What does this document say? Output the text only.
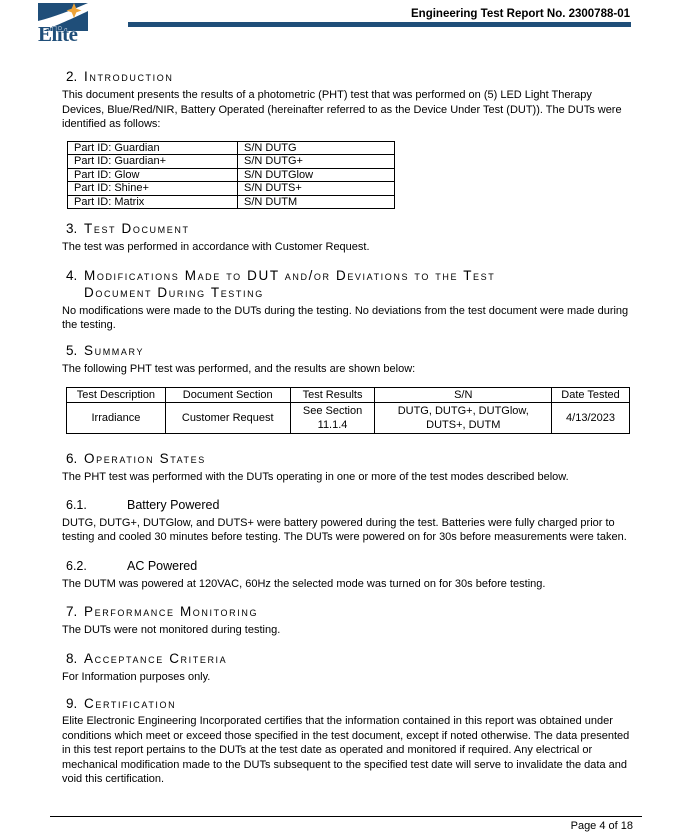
Elite
Engineering Test Report No. 2300788-01
2. Introduction

This document presents the results of a photometric (PHT) test that was performed on (5) LED Light Therapy Devices, Blue/Red/NIR, Battery Operated (hereinafter referred to as the Device Under Test (DUT)). The DUTs were identified as follows:

Part ID: Guardian	S/N DUTG
Part ID: Guardian+	S/N DUTG+
Part ID: Glow	S/N DUTGlow
Part ID: Shine+	S/N DUTS+
Part ID: Matrix	S/N DUTM
3. Test Document

The test was performed in accordance with Customer Request.

4. Modifications Made to DUT and/or Deviations to the Test Document During Testing

No modifications were made to the DUTs during the testing. No deviations from the test document were made during the testing.

5. Summary

The following PHT test was performed, and the results are shown below:

Test Description	Document Section	Test Results	S/N	Date Tested
Irradiance	Customer Request	See Section 11.1.4	DUTG, DUTG+, DUTGlow, DUTS+, DUTM	4/13/2023
6. Operation States

The PHT test was performed with the DUTs operating in one or more of the test modes described below.

6.1.	Battery Powered

DUTG, DUTG+, DUTGlow, and DUTS+ were battery powered during the test. Batteries were fully charged prior to testing and cooled 30 minutes before testing. The DUTs were powered on for 30s before measurements were taken.

6.2.	AC Powered

The DUTM was powered at 120VAC, 60Hz the selected mode was turned on for 30s before testing.

7. Performance Monitoring

The DUTs were not monitored during testing.

8. Acceptance Criteria

For Information purposes only.

9. Certification

Elite Electronic Engineering Incorporated certifies that the information contained in this report was obtained under conditions which meet or exceed those specified in the test document, except if noted otherwise. The data presented in this test report pertains to the DUTs at the test date as operated and monitored if required. Any electrical or mechanical modification made to the DUTs subsequent to the specified test date will serve to invalidate the data and void this certification.

Page 4 of 18
